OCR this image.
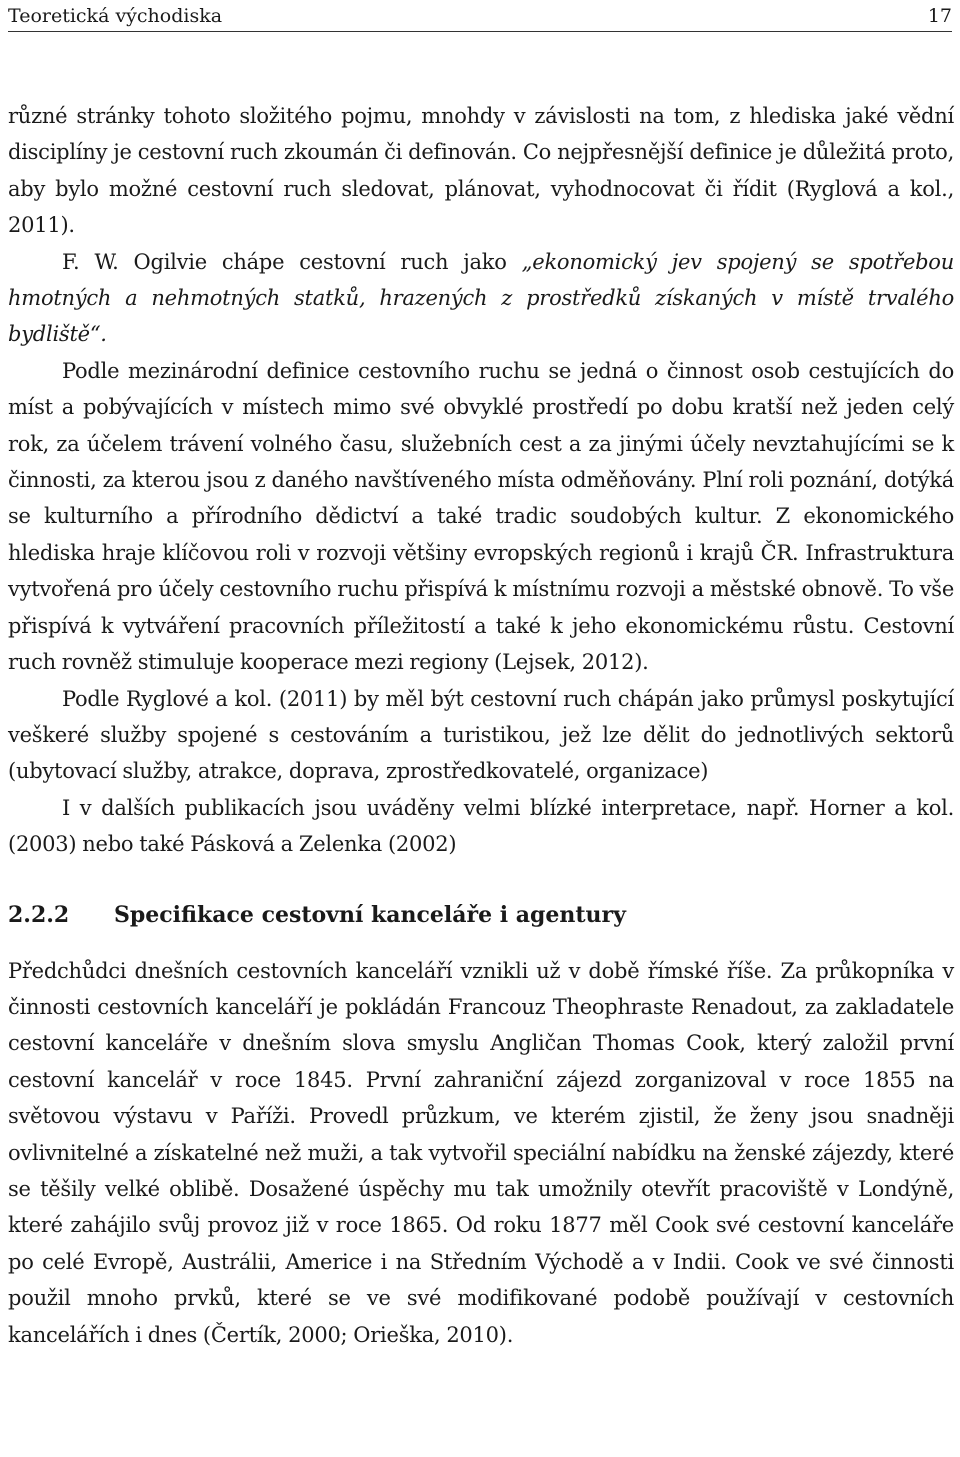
Teoretická východiska	17

různé stránky tohoto složitého pojmu, mnohdy v závislosti na tom, z hlediska jaké vědní disciplíny je cestovní ruch zkoumán či definován. Co nejpřesnější definice je důležitá proto, aby bylo možné cestovní ruch sledovat, plánovat, vyhodnocovat či řídit (Ryglová a kol., 2011).

F. W. Ogilvie chápe cestovní ruch jako „ekonomický jev spojený se spotřebou hmotných a nehmotných statků, hrazených z prostředků získaných v místě trvalého bydliště“.

Podle mezinárodní definice cestovního ruchu se jedná o činnost osob cestujících do míst a pobývajících v místech mimo své obvyklé prostředí po dobu kratší než jeden celý rok, za účelem trávení volného času, služebních cest a za jinými účely nevztahujícími se k činnosti, za kterou jsou z daného navštíveného místa odměňovány. Plní roli poznání, dotýká se kulturního a přírodního dědictví a také tradic soudobých kultur. Z ekonomického hlediska hraje klíčovou roli v rozvoji většiny evropských regionů i krajů ČR. Infrastruktura vytvořená pro účely cestovního ruchu přispívá k místnímu rozvoji a městské obnově. To vše přispívá k vytváření pracovních příležitostí a také k jeho ekonomickému růstu. Cestovní ruch rovněž stimuluje kooperace mezi regiony (Lejsek, 2012).

Podle Ryglové a kol. (2011) by měl být cestovní ruch chápán jako průmysl poskytující veškeré služby spojené s cestováním a turistikou, jež lze dělit do jednotlivých sektorů (ubytovací služby, atrakce, doprava, zprostředkovatelé, organizace)

I v dalších publikacích jsou uváděny velmi blízké interpretace, např. Horner a kol. (2003) nebo také Pásková a Zelenka (2002)

2.2.2	Specifikace cestovní kanceláře i agentury

Předchůdci dnešních cestovních kanceláří vznikli už v době římské říše. Za průkopníka v činnosti cestovních kanceláří je pokládán Francouz Theophraste Renadout, za zakladatele cestovní kanceláře v dnešním slova smyslu Angličan Thomas Cook, který založil první cestovní kancelář v roce 1845. První zahraniční zájezd zorganizoval v roce 1855 na světovou výstavu v Paříži. Provedl průzkum, ve kterém zjistil, že ženy jsou snadněji ovlivnitelné a získatelné než muži, a tak vytvořil speciální nabídku na ženské zájezdy, které se těšily velké oblibě. Dosažené úspěchy mu tak umožnily otevřít pracoviště v Londýně, které zahájilo svůj provoz již v roce 1865. Od roku 1877 měl Cook své cestovní kanceláře po celé Evropě, Austrálii, Americe i na Středním Východě a v Indii. Cook ve své činnosti použil mnoho prvků, které se ve své modifikované podobě používají v cestovních kancelářích i dnes (Čertík, 2000; Orieška, 2010).
